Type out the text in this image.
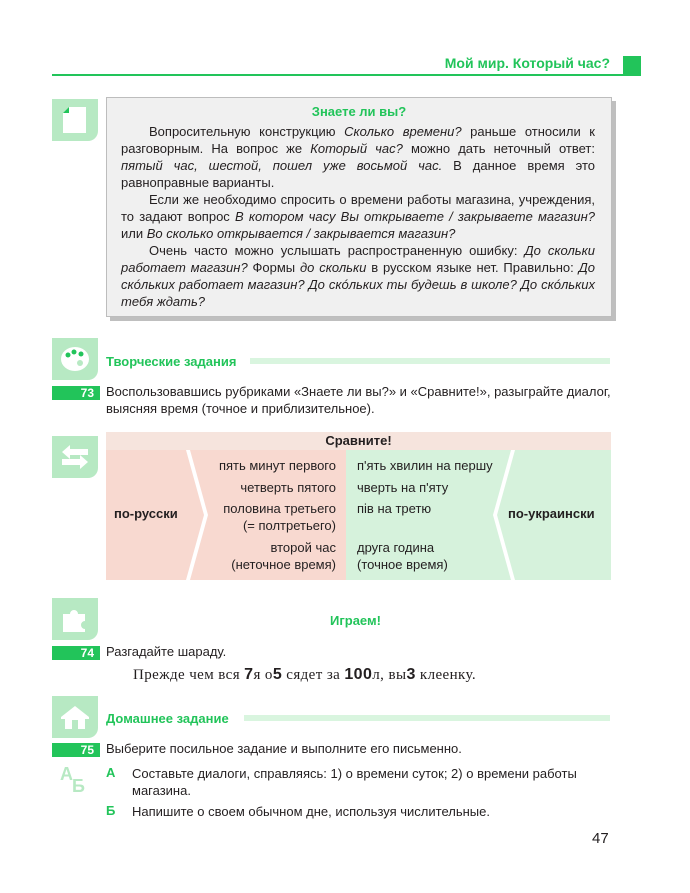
Мой мир. Который час?
Знаете ли вы?

Вопросительную конструкцию Сколько времени? раньше относили к разговорным. На вопрос же Который час? можно дать неточный ответ: пятый час, шестой, пошел уже восьмой час. В данное время это равноправные варианты.

Если же необходимо спросить о времени работы магазина, учреждения, то задают вопрос В котором часу Вы открываете / закрываете магазин? или Во сколько открывается / закрывается магазин?

Очень часто можно услышать распространенную ошибку: До скольки работает магазин? Формы до скольки в русском языке нет. Правильно: До скóльких работает магазин? До скóльких ты будешь в школе? До скóльких тебя ждать?

Творческие задания
73 Воспользовавшись рубриками «Знаете ли вы?» и «Сравните!», разыграйте диалог, выясняя время (точное и приблизительное).
Сравните!
по-русски	по-украински
пять минут первого п'ять хвилин на першу
четверть пятого чверть на п'яту
половина третьего
(= полтретьего)
пів на третю
второй час
(неточное время)
друга година
(точное время)
Играем!
74 Разгадайте шараду.
Прежде чем вся 7я о5 сядет за 100л, вы3 клеенку.
Домашнее задание
75 Выберите посильное задание и выполните его письменно.
А
Б
А Составьте диалоги, справляясь: 1) о времени суток; 2) о времени работы магазина.
Б Напишите о своем обычном дне, используя числительные.
47
